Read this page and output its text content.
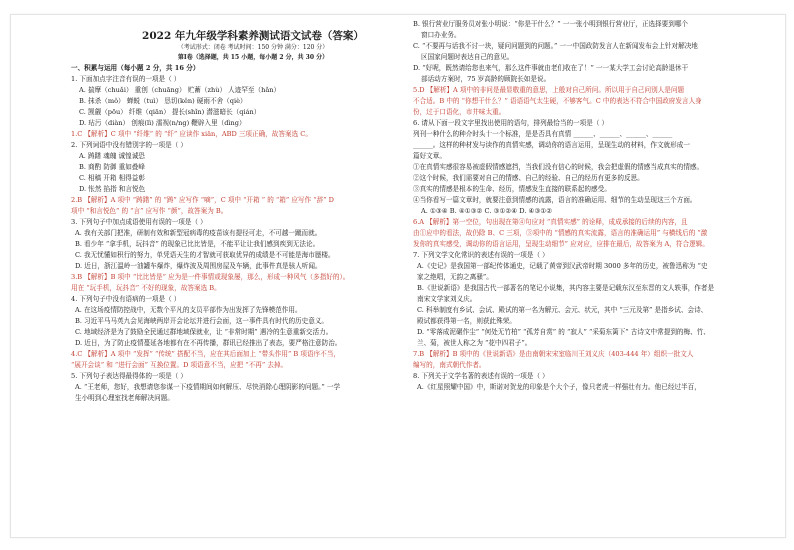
2022 年九年级学科素养测试语文试卷（答案）
（考试形式：闭卷 考试时间：150 分钟 满分：120 分）
第Ⅰ卷（选择题，共 15 小题，每小题 2 分，共 30 分）
一、积累与运用（每小题 2 分，共 16 分）
1. 下面加点字注音有误的一项是（ ）
A. 揣摩（chuǎi） 重创（chuāng） 贮蓄（zhù） 人迹罕至（hǎn）
B. 抹杀（mǒ） 蝉蜕（tuì） 恳切(kěn) 硬雨不舍（qiè）
C. 觊觎（pōu） 纤维（qiān） 提长(shǐn) 潜滋暗长（qián）
D. 玷污（diàn） 创痕(lì) 濡视(n/ng) 鞭辟入里（dìng）
1.C 【解析】C 项中 “纤维” 的 “纤” 应读作 xiān，ABD 三项正确，故答案选 C。
2. 下列词语中没有错别字的一项是（ ）
A. 踌躇 魂魄 诚惶诚恐
B. 商酌 防御 重如叠峰
C. 相稿 开箱 相得益彰
D. 怅然 掐指 和言悦色
2.B 【解析】A 项中 “踌躇” 的 “踌” 应写作 “嘀”，C 项中 “开箱 ” 的 “箱” 应写作 “辞” D
项中 “和言悦色” 的 “言” 应写作 “颜”，故答案为 B。
3. 下列句子中加点成语使用有误的一项是（ ）
A. 我有关部门把准，研制有效和新型冠病毒的疫苗该有提径可走，不可越一蹴而就。
B. 看少年 “拿手机，玩抖音” 的现象已比比皆是，不能平让让我们感到疾到无法论。
C. 我无忧懂如积行的努力，单凭语天生的才智就可获取优异的成绩是不可能是海市蜃楼。
D. 近日，浙江温岭一油罐车爆炸，爆炸波及周围房屋及车辆，此事件真是骇人听闻。
3.B 【解析】B 项中 “比比皆是” 应为是一件事情或现象屡，那么，形成一种风气（多指好的）。
用在 “玩手机，玩抖音” 不好的现象，故答案选 B。
4. 下列句子中没有语病的一项是（ ）
A. 在这场疫情防控战中，无数个平凡的支员平部作为出发挥了先锋模范作用。
B. 习近平马马英九会见海峡两岸开会论坛并进行会面，这一事件具有时代的历史意义。
C. 地域经济是为了鼓励全民通过群地域保就业，让 “非常时期” 遇冷的生意重新交活力。
D. 近日，为了防止疫情蔓延各地都有在不再传播，群讯已经推出了表态，要严格注意防治。
4.C 【解析】A 项中 “发挥” “传统” 搭配不当，应在其后面加上 “带头作用” B 项语序不当，
“展开会谈” 和 “进行会面” 互换位置。D 项语意不当，应把 “不再” 去掉。
5. 下列句子表达得最得体的一项是（ ）
A. “王老师，您好，我想请您参谋一下疫情期间如何解压、尽快消除心理阴影的问题。” 一学
生小明到心理室找老师解决问题。
B. 银行营业厅服务员对张小明说：“你是干什么？” 一一张小明到银行营业厅，正选择要到哪个
窗口办业务。
C. “不要再与话我不讨一块，疑问问题到的问题。” 一一中国政防发言人在新闻发布会上针对解决地
区国家问题时表达自己的意见。
D. “好呢，既然请给您也来气，那么这件事就由老们收在了！” 一一某大学工会讨论高龄退休干
部话动方案时，75 岁高龄的顾院长如是说。
5.D 【解析】A 项中的非问是最显敬重的意思，上般对自己所问。所以用于自己问别人是问题
不合适。B 中的 “你想干什么？” 语语语气太生硬，不够客气。C 中的表达不符合中国政府发言人身
份，过于口语化，市井味太重。
6. 请从下面一段文字里找出使用的语句，排列最恰当的一项是（ ）
列刊一种什么的种介时头十一个标准，是是否具有真情 ______、______、______、______
______。这样的种材发与读作的真情实感，调动你的语言运用，呈现生动的材料，作文就形成一
篇好文章。
①在真情实感很容易被虚假情感遮挡，当我们没有信心的时候，我会把虚假的情感当成真实的情感。
②这个时候，我们需要对自己的情感、自己的经验、自己的经历有更多的反思。
③真实的情感是根本的生命、经历，情感发生直接的联系起的感受。
④当你看写一篇文章时，就要注意到情感的流露，语言的准确运用、细节的生动呈现这三个方面。
A. ①③④ B. ④①③② C. ③①②④ D. ④③①②
6.A 【解析】第一空位，句出现在第④句应对 “真情实感” 的诠释，成成承接的后续的内容，且
由①应申的看法，故仍除 B、C 三项，③项中的 “情感的真实流露，语言的准确运用” 与横线后的 “激
发你的真实感受，调动你的语言运用，呈现生动细节” 应对应，应排在最后，故答案为 A，符合逻辑。
7. 下列文学文化常识的表述有误的一项是（ ）
A.《史记》是我国第一部纪传体通史，记载了黄帝到汉武帝时期 3000 多年的历史，被鲁迅称为 “史
家之绝唱，无韵之离骚”。
B.《世说新语》是我国古代一部著名的笔记小说集，其内容主要是记载东汉至东晋的文人轶事，作者是
南宋文学家刘义庆。
C. 科举制度有乡试、会试、殿试的第一名为解元、会元、状元，其中 “三元及第” 是指乡试、会诗、
殿试都获得第一名，则获此殊荣。
D. “零落成泥碾作尘” “何处无竹柏” “孤芳自赏” 的 “寂人” “采菊东篱下” 古诗文中常提到的梅、竹、
兰、菊，被世人称之为 “花中四君子”。
7.B 【解析】B 项中的《世说新语》是由南朝宋宋室临川王刘义庆（403-444 年）组织一批文人
编写的，南式朝代作者。
8. 下列关于文学名著的表述有误的一项是（ ）
A.《红星照耀中国》中，斯诺对贺龙的印象是个大个子，像只老虎一样强壮有力。他已经过半百，
